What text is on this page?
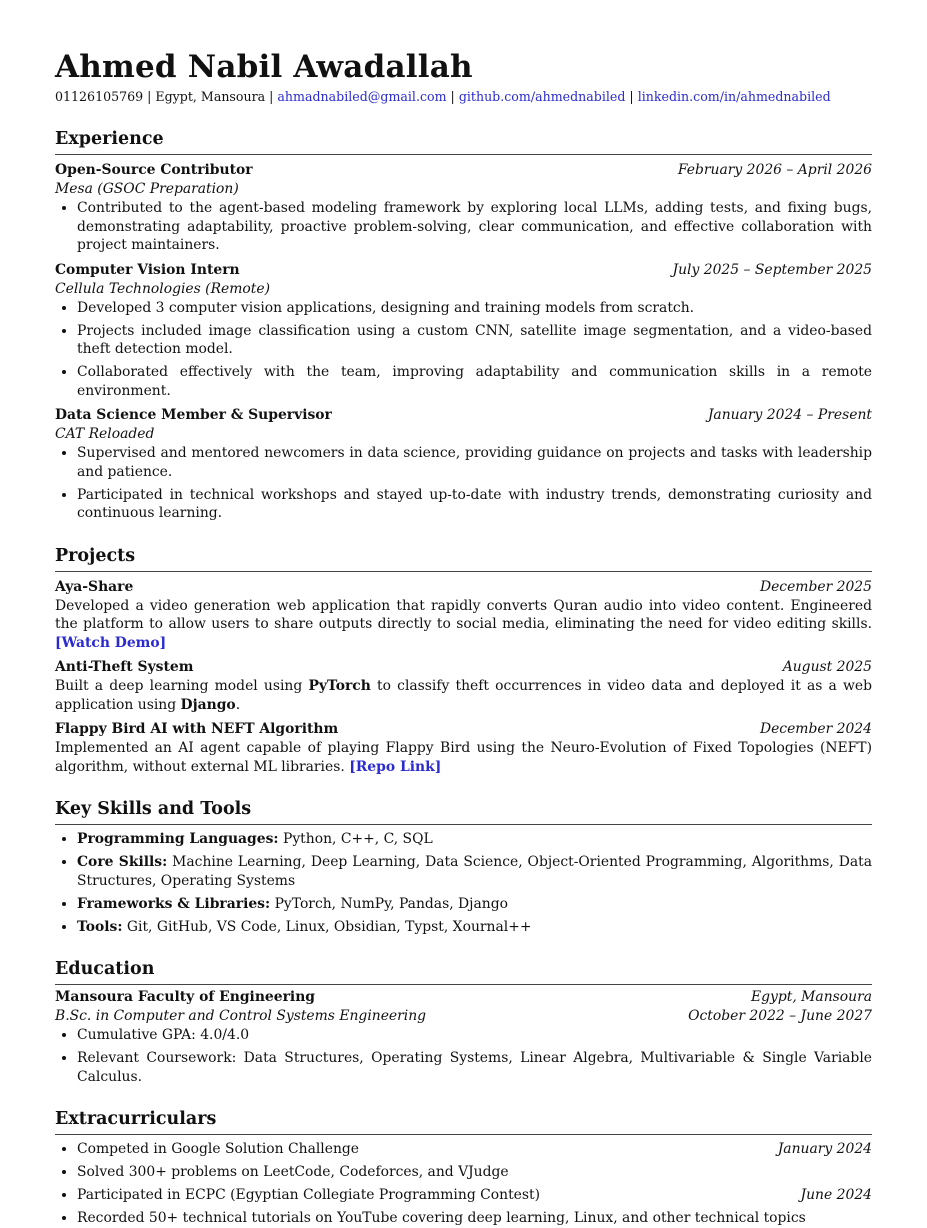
Ahmed Nabil Awadallah
01126105769 | Egypt, Mansoura | ahmadnabiled@gmail.com | github.com/ahmednabiled | linkedin.com/in/ahmednabiled
Experience
Open-Source Contributor	February 2026 – April 2026
Mesa (GSOC Preparation)
• Contributed to the agent-based modeling framework by exploring local LLMs, adding tests, and fixing bugs, demonstrating adaptability, proactive problem-solving, clear communication, and effective collaboration with project maintainers.
Computer Vision Intern	July 2025 – September 2025
Cellula Technologies (Remote)
• Developed 3 computer vision applications, designing and training models from scratch.
• Projects included image classification using a custom CNN, satellite image segmentation, and a video-based theft detection model.
• Collaborated effectively with the team, improving adaptability and communication skills in a remote environment.
Data Science Member & Supervisor	January 2024 – Present
CAT Reloaded
• Supervised and mentored newcomers in data science, providing guidance on projects and tasks with leadership and patience.
• Participated in technical workshops and stayed up-to-date with industry trends, demonstrating curiosity and continuous learning.
Projects
Aya-Share	December 2025
Developed a video generation web application that rapidly converts Quran audio into video content. Engineered the platform to allow users to share outputs directly to social media, eliminating the need for video editing skills. [Watch Demo]
Anti-Theft System	August 2025
Built a deep learning model using PyTorch to classify theft occurrences in video data and deployed it as a web application using Django.
Flappy Bird AI with NEFT Algorithm	December 2024
Implemented an AI agent capable of playing Flappy Bird using the Neuro-Evolution of Fixed Topologies (NEFT) algorithm, without external ML libraries. [Repo Link]
Key Skills and Tools
• Programming Languages: Python, C++, C, SQL
• Core Skills: Machine Learning, Deep Learning, Data Science, Object-Oriented Programming, Algorithms, Data Structures, Operating Systems
• Frameworks & Libraries: PyTorch, NumPy, Pandas, Django
• Tools: Git, GitHub, VS Code, Linux, Obsidian, Typst, Xournal++
Education
Mansoura Faculty of Engineering	Egypt, Mansoura
B.Sc. in Computer and Control Systems Engineering	October 2022 – June 2027
• Cumulative GPA: 4.0/4.0
• Relevant Coursework: Data Structures, Operating Systems, Linear Algebra, Multivariable & Single Variable Calculus.
Extracurriculars
• Competed in Google Solution Challenge	January 2024
• Solved 300+ problems on LeetCode, Codeforces, and VJudge
• Participated in ECPC (Egyptian Collegiate Programming Contest)	June 2024
• Recorded 50+ technical tutorials on YouTube covering deep learning, Linux, and other technical topics
